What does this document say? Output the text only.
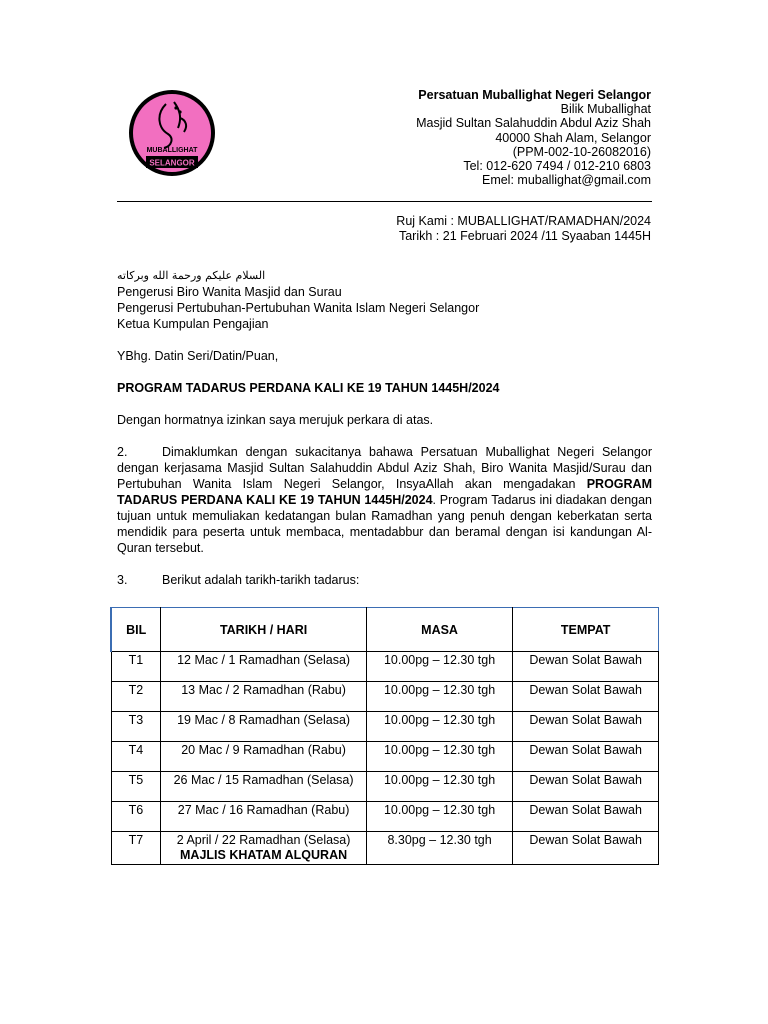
MUBALLIGHAT
SELANGOR
Persatuan Muballighat Negeri Selangor
Bilik Muballighat
Masjid Sultan Salahuddin Abdul Aziz Shah
40000 Shah Alam, Selangor
(PPM-002-10-26082016)
Tel: 012-620 7494 / 012-210 6803
Emel: muballighat@gmail.com
Ruj Kami : MUBALLIGHAT/RAMADHAN/2024
Tarikh : 21 Februari 2024 /11 Syaaban 1445H

السلام عليكم ورحمة الله وبركاته

Pengerusi Biro Wanita Masjid dan Surau

Pengerusi Pertubuhan-Pertubuhan Wanita Islam Negeri Selangor

Ketua Kumpulan Pengajian

YBhg. Datin Seri/Datin/Puan,

PROGRAM TADARUS PERDANA KALI KE 19 TAHUN 1445H/2024

Dengan hormatnya izinkan saya merujuk perkara di atas.

2.	Dimaklumkan dengan sukacitanya bahawa Persatuan Muballighat Negeri Selangor dengan kerjasama Masjid Sultan Salahuddin Abdul Aziz Shah, Biro Wanita Masjid/Surau dan Pertubuhan Wanita Islam Negeri Selangor, InsyaAllah akan mengadakan PROGRAM TADARUS PERDANA KALI KE 19 TAHUN 1445H/2024. Program Tadarus ini diadakan dengan tujuan untuk memuliakan kedatangan bulan Ramadhan yang penuh dengan keberkatan serta mendidik para peserta untuk membaca, mentadabbur dan beramal dengan isi kandungan Al-Quran tersebut.

3.	Berikut adalah tarikh-tarikh tadarus:

BIL	TARIKH / HARI	MASA	TEMPAT
T1	12 Mac / 1 Ramadhan (Selasa)	10.00pg – 12.30 tgh	Dewan Solat Bawah
T2	13 Mac / 2 Ramadhan (Rabu)	10.00pg – 12.30 tgh	Dewan Solat Bawah
T3	19 Mac / 8 Ramadhan (Selasa)	10.00pg – 12.30 tgh	Dewan Solat Bawah
T4	20 Mac / 9 Ramadhan (Rabu)	10.00pg – 12.30 tgh	Dewan Solat Bawah
T5	26 Mac / 15 Ramadhan (Selasa)	10.00pg – 12.30 tgh	Dewan Solat Bawah
T6	27 Mac / 16 Ramadhan (Rabu)	10.00pg – 12.30 tgh	Dewan Solat Bawah
T7	2 April / 22 Ramadhan (Selasa)
MAJLIS KHATAM ALQURAN	8.30pg – 12.30 tgh	Dewan Solat Bawah
